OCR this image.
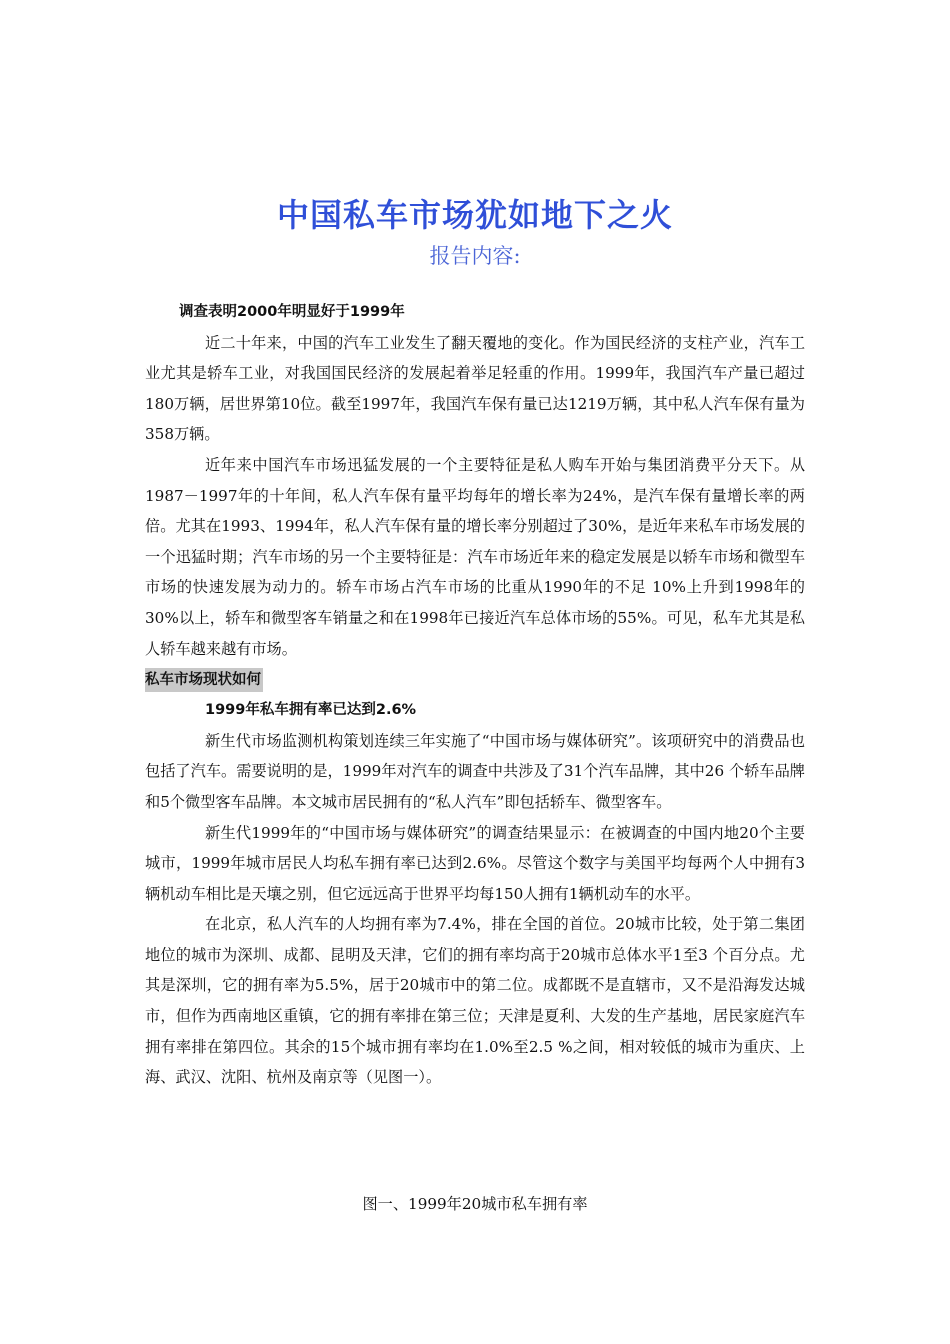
中国私车市场犹如地下之火
报告内容:

调查表明2000年明显好于1999年

近二十年来，中国的汽车工业发生了翻天覆地的变化。作为国民经济的支柱产业，汽车工业尤其是轿车工业，对我国国民经济的发展起着举足轻重的作用。1999年，我国汽车产量已超过180万辆，居世界第10位。截至1997年，我国汽车保有量已达1219万辆，其中私人汽车保有量为358万辆。

近年来中国汽车市场迅猛发展的一个主要特征是私人购车开始与集团消费平分天下。从 1987－1997年的十年间，私人汽车保有量平均每年的增长率为24%，是汽车保有量增长率的两倍。尤其在1993、1994年，私人汽车保有量的增长率分别超过了30%，是近年来私车市场发展的一个迅猛时期；汽车市场的另一个主要特征是：汽车市场近年来的稳定发展是以轿车市场和微型车市场的快速发展为动力的。轿车市场占汽车市场的比重从1990年的不足 10%上升到1998年的30%以上，轿车和微型客车销量之和在1998年已接近汽车总体市场的55%。可见，私车尤其是私人轿车越来越有市场。

私车市场现状如何

1999年私车拥有率已达到2.6%

新生代市场监测机构策划连续三年实施了“中国市场与媒体研究”。该项研究中的消费品也包括了汽车。需要说明的是，1999年对汽车的调查中共涉及了31个汽车品牌，其中26 个轿车品牌和5个微型客车品牌。本文城市居民拥有的“私人汽车”即包括轿车、微型客车。

新生代1999年的“中国市场与媒体研究”的调查结果显示：在被调查的中国内地20个主要城市，1999年城市居民人均私车拥有率已达到2.6%。尽管这个数字与美国平均每两个人中拥有3辆机动车相比是天壤之别，但它远远高于世界平均每150人拥有1辆机动车的水平。

在北京，私人汽车的人均拥有率为7.4%，排在全国的首位。20城市比较，处于第二集团地位的城市为深圳、成都、昆明及天津，它们的拥有率均高于20城市总体水平1至3 个百分点。尤其是深圳，它的拥有率为5.5%，居于20城市中的第二位。成都既不是直辖市，又不是沿海发达城市，但作为西南地区重镇，它的拥有率排在第三位；天津是夏利、大发的生产基地，居民家庭汽车拥有率排在第四位。其余的15个城市拥有率均在1.0%至2.5 %之间，相对较低的城市为重庆、上海、武汉、沈阳、杭州及南京等（见图一）。

图一、1999年20城市私车拥有率
